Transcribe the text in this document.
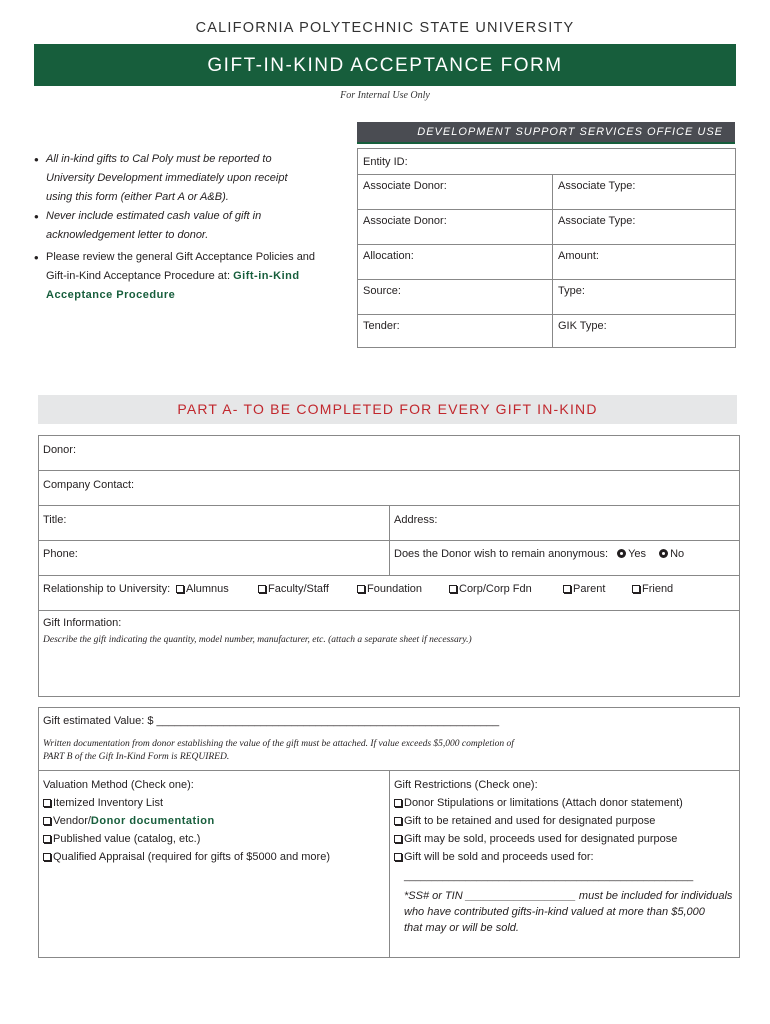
CALIFORNIA POLYTECHNIC STATE UNIVERSITY
GIFT-IN-KIND ACCEPTANCE FORM
For Internal Use Only
DEVELOPMENT SUPPORT SERVICES OFFICE USE
Entity ID:
Associate Donor:	Associate Type:
Associate Donor:	Associate Type:
Allocation:	Amount:
Source:	Type:
Tender:	GIK Type:
• All in-kind gifts to Cal Poly must be reported to
University Development immediately upon receipt
using this form (either Part A or A&B).
• Never include estimated cash value of gift in
acknowledgement letter to donor.
• Please review the general Gift Acceptance Policies and
Gift-in-Kind Acceptance Procedure at: Gift-in-Kind
Acceptance Procedure
PART A- TO BE COMPLETED FOR EVERY GIFT IN-KIND
Donor:
Company Contact:
Title:	Address:
Phone:	Does the Donor wish to remain anonymous: Yes No
Relationship to University:	Alumnus	Faculty/Staff	Foundation	Corp/Corp Fdn	Parent	Friend
Gift Information:
Describe the gift indicating the quantity, model number, manufacturer, etc. (attach a separate sheet if necessary.)
Gift estimated Value: $ ________________________________________________________
Written documentation from donor establishing the value of the gift must be attached. If value exceeds $5,000 completion of
PART B of the Gift In-Kind Form is REQUIRED.
Valuation Method (Check one):
Itemized Inventory List
Vendor/Donor documentation
Published value (catalog, etc.)
Qualified Appraisal (required for gifts of $5000 and more)
Gift Restrictions (Check one):
Donor Stipulations or limitations (Attach donor statement)
Gift to be retained and used for designated purpose
Gift may be sold, proceeds used for designated purpose
Gift will be sold and proceeds used for:
____________________________________________________
*SS# or TIN __________________ must be included for individuals
who have contributed gifts-in-kind valued at more than $5,000
that may or will be sold.
